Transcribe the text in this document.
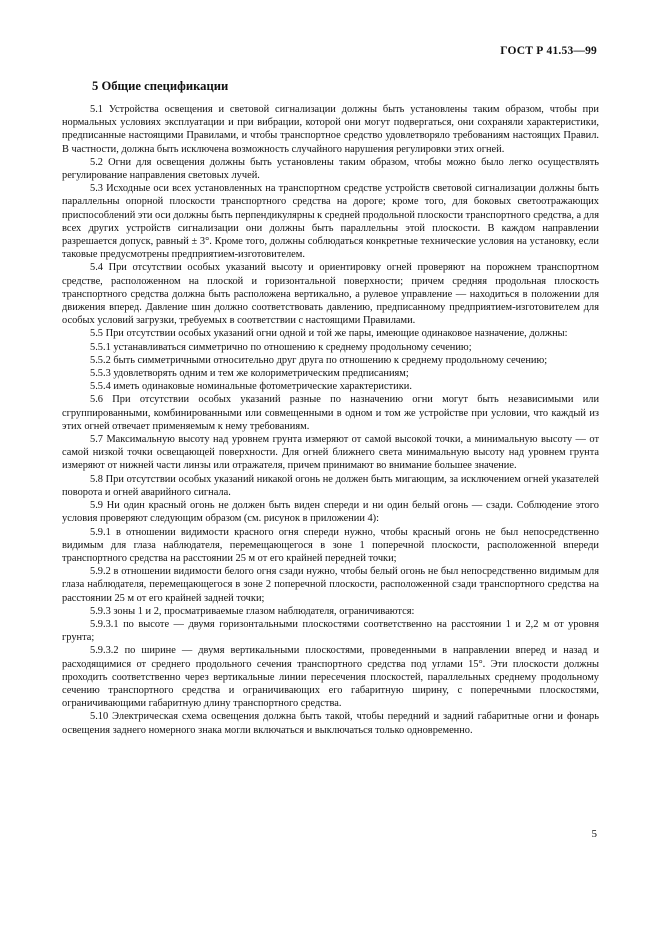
ГОСТ Р 41.53—99
5 Общие спецификации

5.1 Устройства освещения и световой сигнализации должны быть установлены таким образом, чтобы при нормальных условиях эксплуатации и при вибрации, которой они могут подвергаться, они сохраняли характеристики, предписанные настоящими Правилами, и чтобы транспортное средство удовлетворяло требованиям настоящих Правил. В частности, должна быть исключена возможность случайного нарушения регулировки этих огней.

5.2 Огни для освещения должны быть установлены таким образом, чтобы можно было легко осуществлять регулирование направления световых лучей.

5.3 Исходные оси всех установленных на транспортном средстве устройств световой сигнализации должны быть параллельны опорной плоскости транспортного средства на дороге; кроме того, для боковых светоотражающих приспособлений эти оси должны быть перпендикулярны к средней продольной плоскости транспортного средства, а для всех других устройств сигнализации они должны быть параллельны этой плоскости. В каждом направлении разрешается допуск, равный ± 3°. Кроме того, должны соблюдаться конкретные технические условия на установку, если таковые предусмотрены предприятием-изготовителем.

5.4 При отсутствии особых указаний высоту и ориентировку огней проверяют на порожнем транспортном средстве, расположенном на плоской и горизонтальной поверхности; причем средняя продольная плоскость транспортного средства должна быть расположена вертикально, а рулевое управление — находиться в положении для движения вперед. Давление шин должно соответствовать давлению, предписанному предприятием-изготовителем для особых условий загрузки, требуемых в соответствии с настоящими Правилами.

5.5 При отсутствии особых указаний огни одной и той же пары, имеющие одинаковое назначение, должны:

5.5.1 устанавливаться симметрично по отношению к среднему продольному сечению;

5.5.2 быть симметричными относительно друг друга по отношению к среднему продольному сечению;

5.5.3 удовлетворять одним и тем же колориметрическим предписаниям;

5.5.4 иметь одинаковые номинальные фотометрические характеристики.

5.6 При отсутствии особых указаний разные по назначению огни могут быть независимыми или сгруппированными, комбинированными или совмещенными в одном и том же устройстве при условии, что каждый из этих огней отвечает применяемым к нему требованиям.

5.7 Максимальную высоту над уровнем грунта измеряют от самой высокой точки, а минимальную высоту — от самой низкой точки освещающей поверхности. Для огней ближнего света минимальную высоту над уровнем грунта измеряют от нижней части линзы или отражателя, причем принимают во внимание большее значение.

5.8 При отсутствии особых указаний никакой огонь не должен быть мигающим, за исключением огней указателей поворота и огней аварийного сигнала.

5.9 Ни один красный огонь не должен быть виден спереди и ни один белый огонь — сзади. Соблюдение этого условия проверяют следующим образом (см. рисунок в приложении 4):

5.9.1 в отношении видимости красного огня спереди нужно, чтобы красный огонь не был непосредственно видимым для глаза наблюдателя, перемещающегося в зоне 1 поперечной плоскости, расположенной впереди транспортного средства на расстоянии 25 м от его крайней передней точки;

5.9.2 в отношении видимости белого огня сзади нужно, чтобы белый огонь не был непосредственно видимым для глаза наблюдателя, перемещающегося в зоне 2 поперечной плоскости, расположенной сзади транспортного средства на расстоянии 25 м от его крайней задней точки;

5.9.3 зоны 1 и 2, просматриваемые глазом наблюдателя, ограничиваются:

5.9.3.1 по высоте — двумя горизонтальными плоскостями соответственно на расстоянии 1 и 2,2 м от уровня грунта;

5.9.3.2 по ширине — двумя вертикальными плоскостями, проведенными в направлении вперед и назад и расходящимися от среднего продольного сечения транспортного средства под углами 15°. Эти плоскости должны проходить соответственно через вертикальные линии пересечения плоскостей, параллельных среднему продольному сечению транспортного средства и ограничивающих его габаритную ширину, с поперечными плоскостями, ограничивающими габаритную длину транспортного средства.

5.10 Электрическая схема освещения должна быть такой, чтобы передний и задний габаритные огни и фонарь освещения заднего номерного знака могли включаться и выключаться только одновременно.

5
